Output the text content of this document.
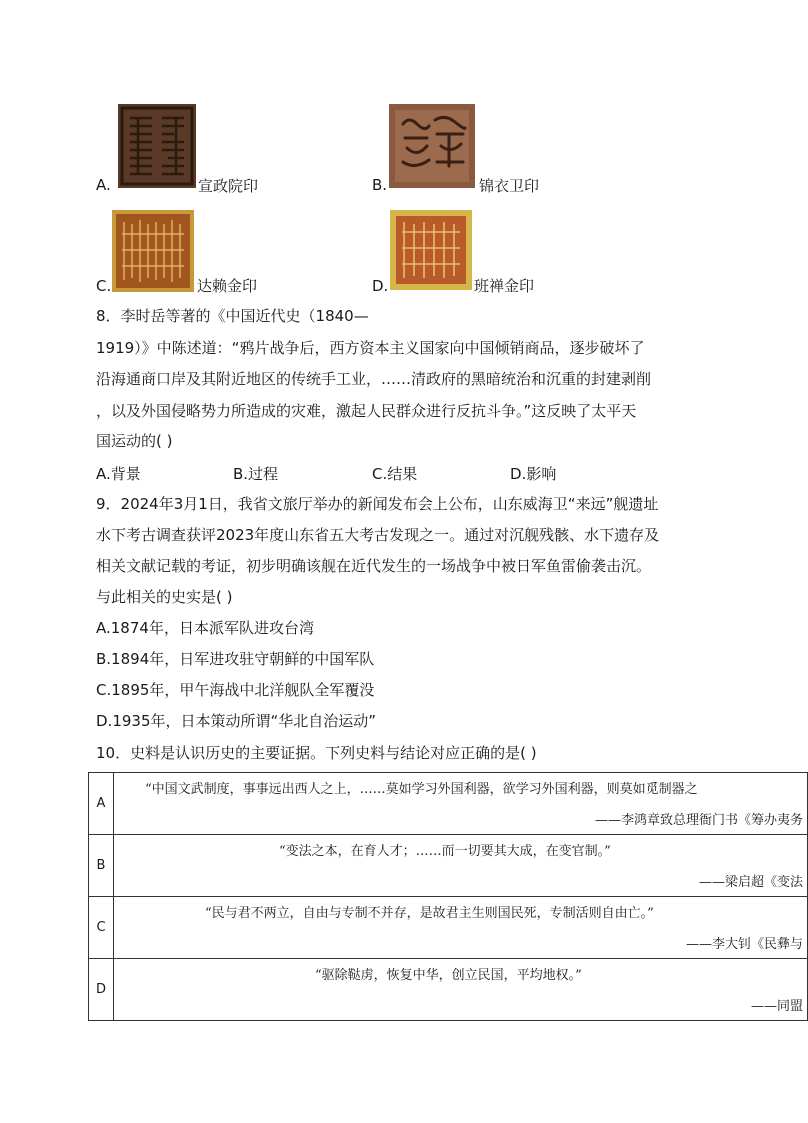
A.	宣政院印	B.	锦衣卫印
C.	达赖金印	D.	班禅金印
8．李时岳等著的《中国近代史（1840—
1919）》中陈述道：“鸦片战争后，西方资本主义国家向中国倾销商品，逐步破坏了
沿海通商口岸及其附近地区的传统手工业，……清政府的黑暗统治和沉重的封建剥削
，以及外国侵略势力所造成的灾难，激起人民群众进行反抗斗争。”这反映了太平天
国运动的( )
A.背景	B.过程	C.结果	D.影响
9．2024年3月1日，我省文旅厅举办的新闻发布会上公布，山东威海卫“来远”舰遗址
水下考古调查获评2023年度山东省五大考古发现之一。通过对沉舰残骸、水下遗存及
相关文献记载的考证，初步明确该舰在近代发生的一场战争中被日军鱼雷偷袭击沉。
与此相关的史实是( )
A.1874年，日本派军队进攻台湾
B.1894年，日军进攻驻守朝鲜的中国军队
C.1895年，甲午海战中北洋舰队全军覆没
D.1935年，日本策动所谓“华北自治运动”
10．史料是认识历史的主要证据。下列史料与结论对应正确的是( )
A	“中国文武制度，事事远出西人之上，……莫如学习外国利器，欲学习外国利器，则莫如觅制器之
——李鸿章致总理衙门书《筹办夷务

B	“变法之本，在育人才；……而一切要其大成，在变官制。”
——梁启超《变法

C	“民与君不两立，自由与专制不并存，是故君主生则国民死，专制活则自由亡。”
——李大钊《民彝与

D	“驱除鞑虏，恢复中华，创立民国，平均地权。”
——同盟
